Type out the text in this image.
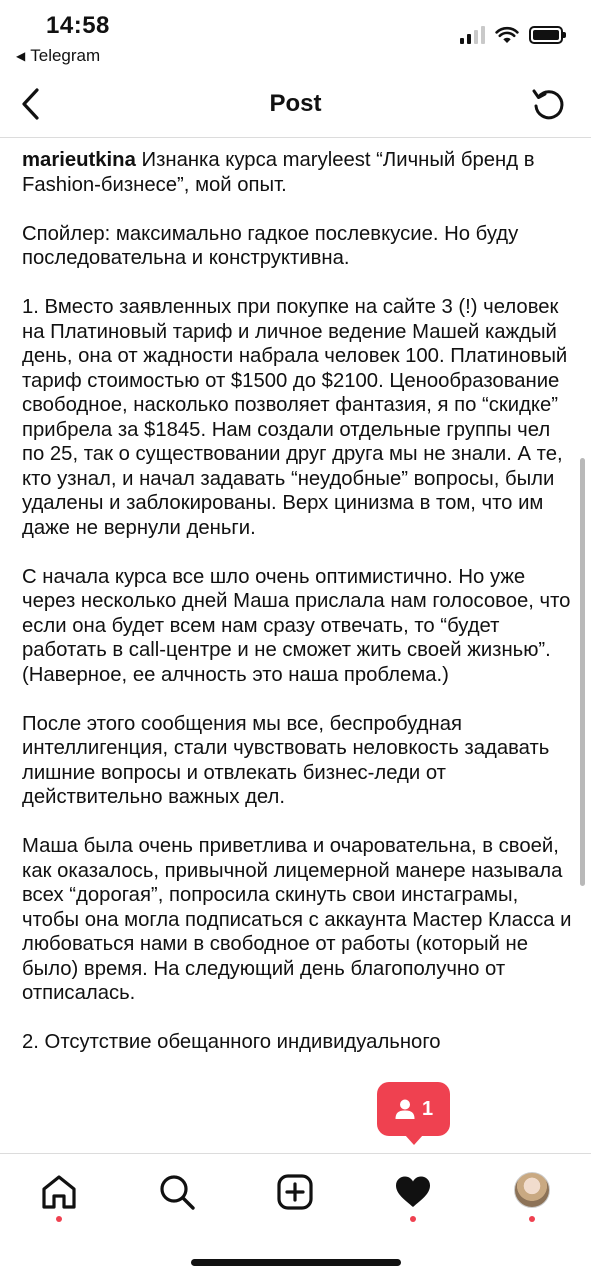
14:58
◀ Telegram
Post

marieutkina Изнанка курса maryleest “Личный бренд в Fashion-бизнесе”, мой опыт.

Спойлер: максимально гадкое послевкусие. Но буду последовательна и конструктивна.

1. Вместо заявленных при покупке на сайте 3 (!) человек на Платиновый тариф и личное ведение Машей каждый день, она от жадности набрала человек 100. Платиновый тариф стоимостью от $1500 до $2100. Ценообразование свободное, насколько позволяет фантазия, я по “скидке” прибрела за $1845. Нам создали отдельные группы чел по 25, так о существовании друг друга мы не знали. А те, кто узнал, и начал задавать “неудобные” вопросы, были удалены и заблокированы. Верх цинизма в том, что им даже не вернули деньги.

С начала курса все шло очень оптимистично. Но уже через несколько дней Маша прислала нам голосовое, что если она будет всем нам сразу отвечать, то “будет работать в call-центре и не сможет жить своей жизнью”. (Наверное, ее алчность это наша проблема.)

После этого сообщения мы все, беспробудная интеллигенция, стали чувствовать неловкость задавать лишние вопросы и отвлекать бизнес-леди от действительно важных дел.

Маша была очень приветлива и очаровательна, в своей, как оказалось, привычной лицемерной манере называла всех “дорогая”, попросила скинуть свои инстаграмы, чтобы она могла подписаться с аккаунта Мастер Класса и любоваться нами в свободное от работы (который не было) время. На следующий день благополучно от отписалась.

2. Отсутствие обещанного индивидуального

1
